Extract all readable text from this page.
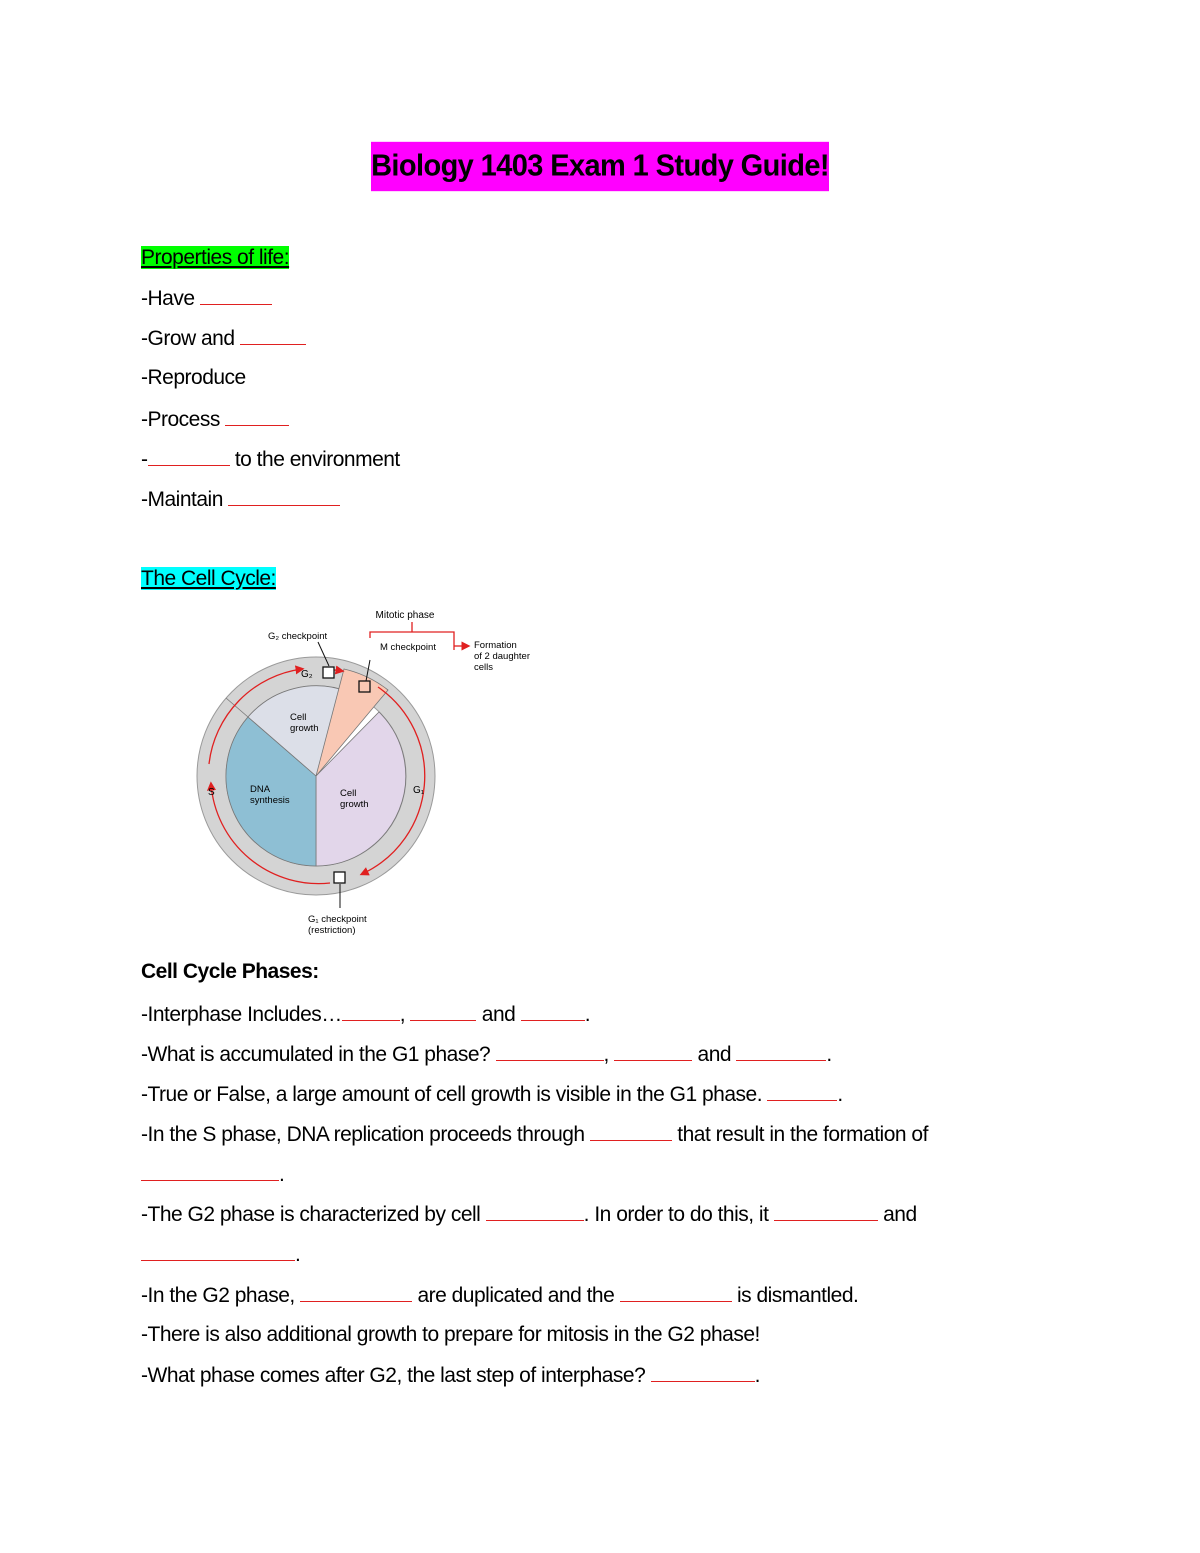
Biology 1403 Exam 1 Study Guide!
Properties of life:
-Have
-Grow and
-Reproduce
-Process
-	to the environment
-Maintain
The Cell Cycle:
Mitotic phase
M checkpoint	Formation
of 2 daughter
cells
G₂ checkpoint
G₂
G₁
S
Cell
growth
DNA
synthesis
Cell
growth
G₁ checkpoint
(restriction)
Cell Cycle Phases:
-Interphase Includes…	,	and	.
-What is accumulated in the G1 phase?	,	and	.
-True or False, a large amount of cell growth is visible in the G1 phase.	.
-In the S phase, DNA replication proceeds through	that result in the formation of
.
-The G2 phase is characterized by cell	. In order to do this, it	and
.
-In the G2 phase,	are duplicated and the	is dismantled.
-There is also additional growth to prepare for mitosis in the G2 phase!
-What phase comes after G2, the last step of interphase?	.
